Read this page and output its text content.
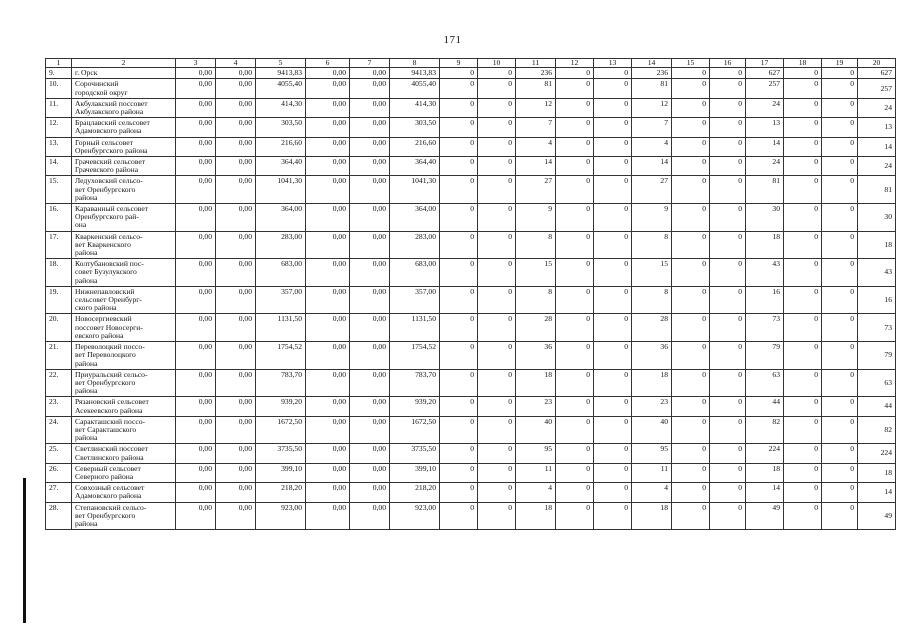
171
1	2	3	4	5	6	7	8	9	10	11	12	13	14	15	16	17	18	19	20
9.	г. Орск	0,00	0,00	9413,83	0,00	0,00	9413,83	0	0	236	0	0	236	0	0	627	0	0	627
10.	Сорочинский
городской округ	0,00	0,00	4055,40	0,00	0,00	4055,40	0	0	81	0	0	81	0	0	257	0	0	257
11.	Акбулакский поссовет
Акбулакского района	0,00	0,00	414,30	0,00	0,00	414,30	0	0	12	0	0	12	0	0	24	0	0	24
12.	Брацлавский сельсовет
Адамовского района	0,00	0,00	303,50	0,00	0,00	303,50	0	0	7	0	0	7	0	0	13	0	0	13
13.	Горный сельсовет
Оренбургского района	0,00	0,00	216,60	0,00	0,00	216,60	0	0	4	0	0	4	0	0	14	0	0	14
14.	Грачевский сельсовет
Грачевского района	0,00	0,00	364,40	0,00	0,00	364,40	0	0	14	0	0	14	0	0	24	0	0	24
15.	Ледуховский сельсо-
вет Оренбургского
района	0,00	0,00	1041,30	0,00	0,00	1041,30	0	0	27	0	0	27	0	0	81	0	0	81
16.	Караванный сельсовет
Оренбургского рай-
она	0,00	0,00	364,00	0,00	0,00	364,00	0	0	9	0	0	9	0	0	30	0	0	30
17.	Кваркенский сельсо-
вет Кваркенского
района	0,00	0,00	283,00	0,00	0,00	283,00	0	0	8	0	0	8	0	0	18	0	0	18
18.	Колтубановский пос-
совет Бузулукского
района	0,00	0,00	683,00	0,00	0,00	683,00	0	0	15	0	0	15	0	0	43	0	0	43
19.	Нижнепавловский
сельсовет Оренбург-
ского района	0,00	0,00	357,00	0,00	0,00	357,00	0	0	8	0	0	8	0	0	16	0	0	16
20.	Новосергиевский
поссовет Новосерги-
евского района	0,00	0,00	1131,50	0,00	0,00	1131,50	0	0	28	0	0	28	0	0	73	0	0	73
21.	Переволоцкий поссо-
вет Переволоцкого
района	0,00	0,00	1754,52	0,00	0,00	1754,52	0	0	36	0	0	36	0	0	79	0	0	79
22.	Приуральский сельсо-
вет Оренбургского
района	0,00	0,00	783,70	0,00	0,00	783,70	0	0	18	0	0	18	0	0	63	0	0	63
23.	Рязановский сельсовет
Асекеевского района	0,00	0,00	939,20	0,00	0,00	939,20	0	0	23	0	0	23	0	0	44	0	0	44
24.	Саракташский поссо-
вет Саракташского
района	0,00	0,00	1672,50	0,00	0,00	1672,50	0	0	40	0	0	40	0	0	82	0	0	82
25.	Светлинский поссовет
Светлинского района	0,00	0,00	3735,50	0,00	0,00	3735,50	0	0	95	0	0	95	0	0	224	0	0	224
26.	Северный сельсовет
Северного района	0,00	0,00	399,10	0,00	0,00	399,10	0	0	11	0	0	11	0	0	18	0	0	18
27.	Совхозный сельсовет
Адамовского района	0,00	0,00	218,20	0,00	0,00	218,20	0	0	4	0	0	4	0	0	14	0	0	14
28.	Степановский сельсо-
вет Оренбургского
района	0,00	0,00	923,00	0,00	0,00	923,00	0	0	18	0	0	18	0	0	49	0	0	49
